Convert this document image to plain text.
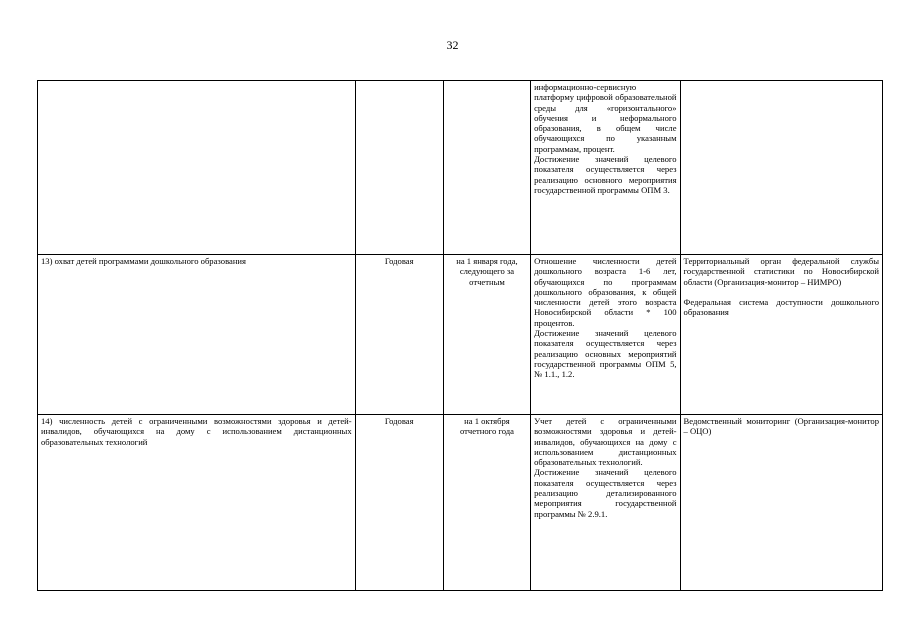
32

			информационно-сервисную
платформу цифровой образовательной среды для «горизонтального» обучения и неформального образования, в общем числе обучающихся по указанным программам, процент.
Достижение значений целевого показателя осуществляется через реализацию основного мероприятия государственной программы ОПМ 3.	

13) охват детей программами дошкольного образования	Годовая	на 1 января года, следующего за отчетным	Отношение численности детей дошкольного возраста 1-6 лет, обучающихся по программам дошкольного образования, к общей численности детей этого возраста Новосибирской области * 100 процентов.
Достижение значений целевого показателя осуществляется через реализацию основных мероприятий государственной программы ОПМ 5, № 1.1., 1.2.	Территориальный орган федеральной службы государственной статистики по Новосибирской области (Организация-монитор – НИМРО)
Федеральная система доступности дошкольного образования

14) численность детей с ограниченными возможностями здоровья и детей-инвалидов, обучающихся на дому с использованием дистанционных образовательных технологий	Годовая	на 1 октября отчетного года	Учет детей с ограниченными возможностями здоровья и детей-инвалидов, обучающихся на дому с использованием дистанционных образовательных технологий.
Достижение значений целевого показателя осуществляется через реализацию детализированного мероприятия государственной программы № 2.9.1.	Ведомственный мониторинг (Организация-монитор – ОЦО)
